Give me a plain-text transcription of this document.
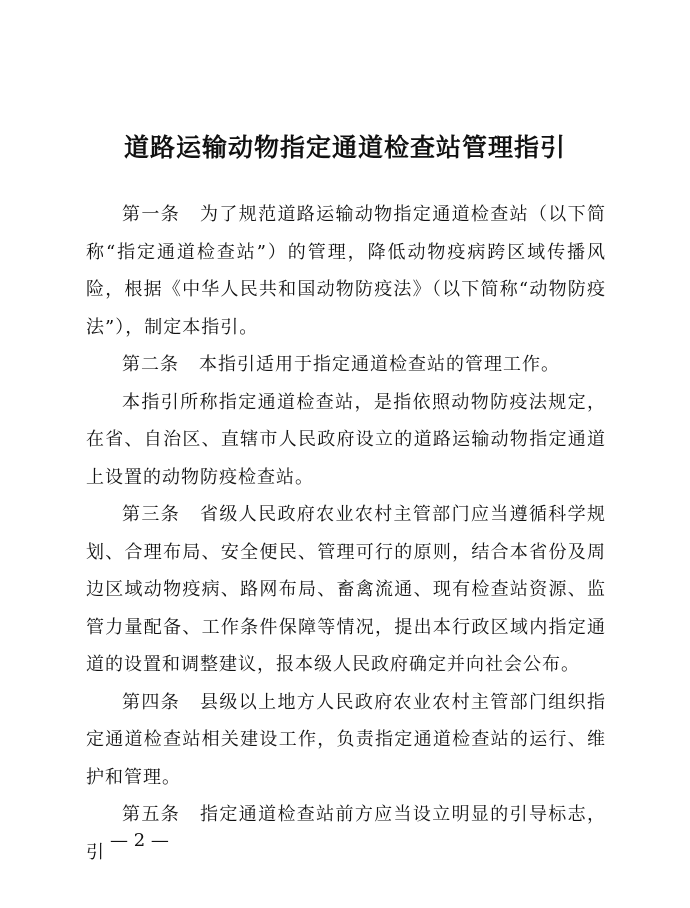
道路运输动物指定通道检查站管理指引

第一条 为了规范道路运输动物指定通道检查站（以下简称“指定通道检查站”）的管理，降低动物疫病跨区域传播风险，根据《中华人民共和国动物防疫法》（以下简称“动物防疫法”），制定本指引。

第二条 本指引适用于指定通道检查站的管理工作。

本指引所称指定通道检查站，是指依照动物防疫法规定，在省、自治区、直辖市人民政府设立的道路运输动物指定通道上设置的动物防疫检查站。

第三条 省级人民政府农业农村主管部门应当遵循科学规划、合理布局、安全便民、管理可行的原则，结合本省份及周边区域动物疫病、路网布局、畜禽流通、现有检查站资源、监管力量配备、工作条件保障等情况，提出本行政区域内指定通道的设置和调整建议，报本级人民政府确定并向社会公布。

第四条 县级以上地方人民政府农业农村主管部门组织指定通道检查站相关建设工作，负责指定通道检查站的运行、维护和管理。

第五条 指定通道检查站前方应当设立明显的引导标志，引

— 2 —
